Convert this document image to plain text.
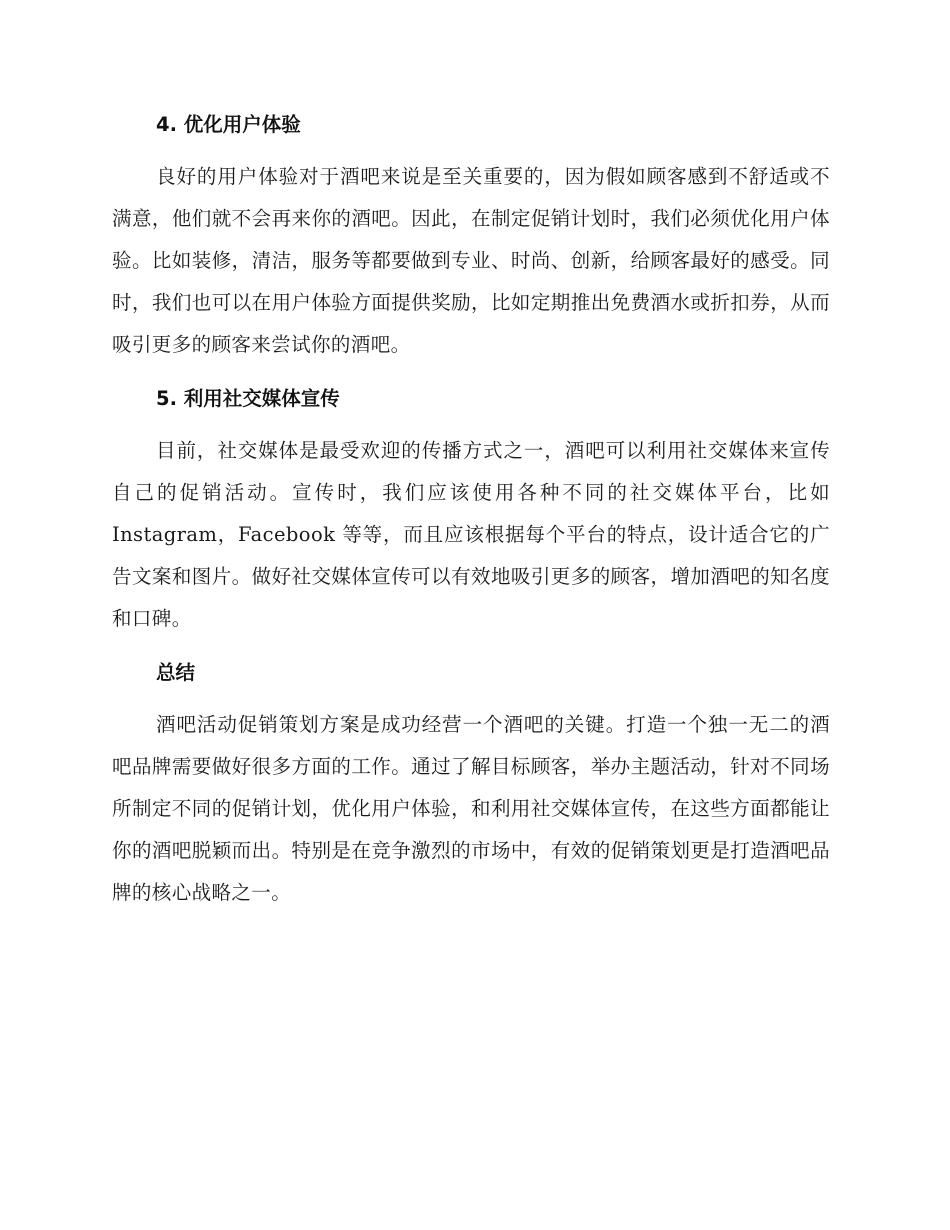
4. 优化用户体验

良好的用户体验对于酒吧来说是至关重要的，因为假如顾客感到不舒适或不满意，他们就不会再来你的酒吧。因此，在制定促销计划时，我们必须优化用户体验。比如装修，清洁，服务等都要做到专业、时尚、创新，给顾客最好的感受。同时，我们也可以在用户体验方面提供奖励，比如定期推出免费酒水或折扣券，从而吸引更多的顾客来尝试你的酒吧。

5. 利用社交媒体宣传

目前，社交媒体是最受欢迎的传播方式之一，酒吧可以利用社交媒体来宣传自己的促销活动。宣传时，我们应该使用各种不同的社交媒体平台，比如 Instagram，Facebook 等等，而且应该根据每个平台的特点，设计适合它的广告文案和图片。做好社交媒体宣传可以有效地吸引更多的顾客，增加酒吧的知名度和口碑。

总结

酒吧活动促销策划方案是成功经营一个酒吧的关键。打造一个独一无二的酒吧品牌需要做好很多方面的工作。通过了解目标顾客，举办主题活动，针对不同场所制定不同的促销计划，优化用户体验，和利用社交媒体宣传，在这些方面都能让你的酒吧脱颖而出。特别是在竞争激烈的市场中，有效的促销策划更是打造酒吧品牌的核心战略之一。
